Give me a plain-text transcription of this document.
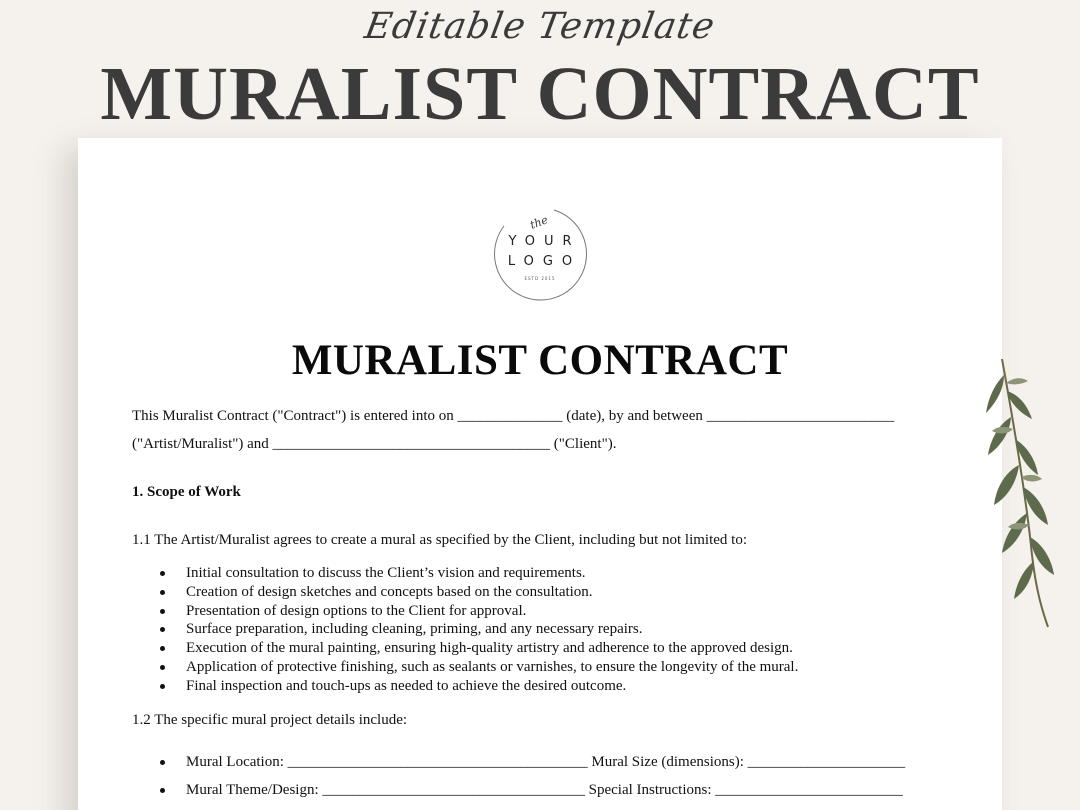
Editable Template
MURALIST CONTRACT
the
YOUR
LOGO
ESTD 2015
MURALIST CONTRACT
This Muralist Contract ("Contract") is entered into on ______________ (date), by and between _________________________
("Artist/Muralist") and _____________________________________ ("Client").
1. Scope of Work
1.1 The Artist/Muralist agrees to create a mural as specified by the Client, including but not limited to:
Initial consultation to discuss the Client’s vision and requirements.
Creation of design sketches and concepts based on the consultation.
Presentation of design options to the Client for approval.
Surface preparation, including cleaning, priming, and any necessary repairs.
Execution of the mural painting, ensuring high-quality artistry and adherence to the approved design.
Application of protective finishing, such as sealants or varnishes, to ensure the longevity of the mural.
Final inspection and touch-ups as needed to achieve the desired outcome.
1.2 The specific mural project details include:
Mural Location: ________________________________________ Mural Size (dimensions): _____________________
Mural Theme/Design: ___________________________________ Special Instructions: _________________________
